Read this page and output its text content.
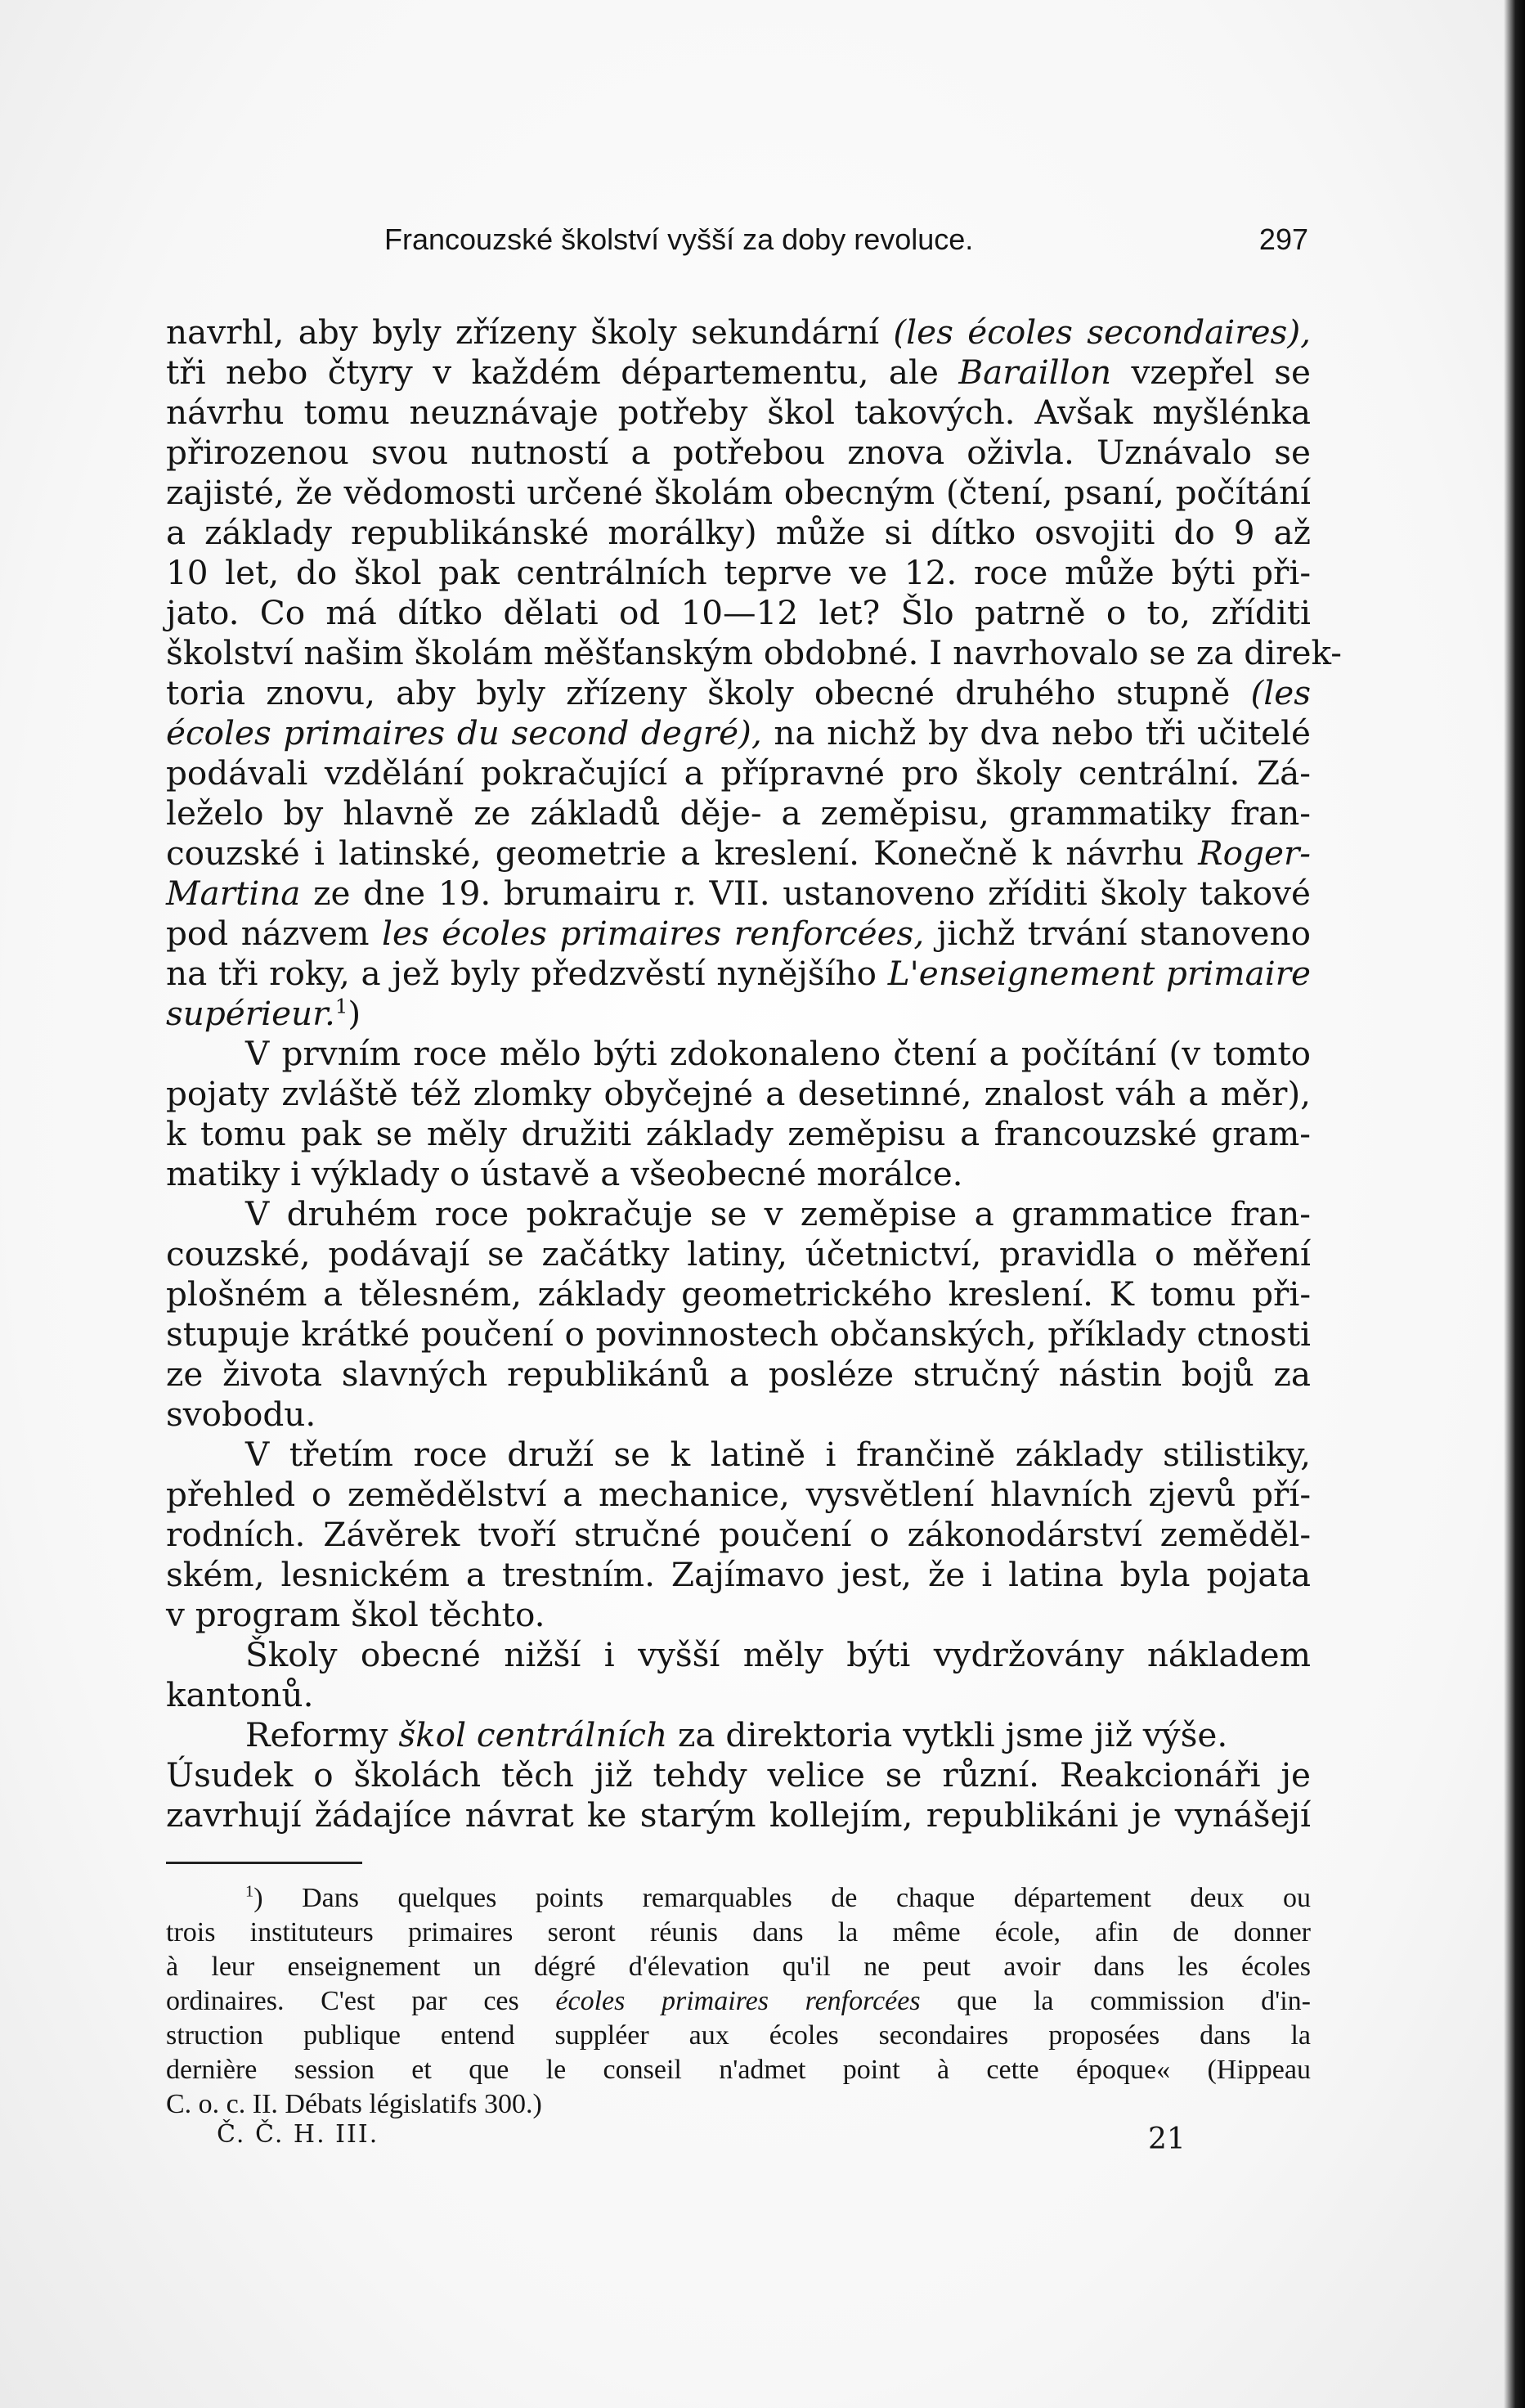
Francouzské školství vyšší za doby revoluce.	297
navrhl, aby byly zřízeny školy sekundární (les écoles secondaires),
tři nebo čtyry v každém départementu, ale Baraillon vzepřel se
návrhu tomu neuznávaje potřeby škol takových. Avšak myšlénka
přirozenou svou nutností a potřebou znova oživla. Uznávalo se
zajisté, že vědomosti určené školám obecným (čtení, psaní, počítání
a základy republikánské morálky) může si dítko osvojiti do 9 až
10 let, do škol pak centrálních teprve ve 12. roce může býti při-
jato. Co má dítko dělati od 10—12 let? Šlo patrně o to, zříditi
školství našim školám měšťanským obdobné. I navrhovalo se za direk-
toria znovu, aby byly zřízeny školy obecné druhého stupně (les
écoles primaires du second degré), na nichž by dva nebo tři učitelé
podávali vzdělání pokračující a přípravné pro školy centrální. Zá-
leželo by hlavně ze základů děje- a zeměpisu, grammatiky fran-
couzské i latinské, geometrie a kreslení. Konečně k návrhu Roger-
Martina ze dne 19. brumairu r. VII. ustanoveno zříditi školy takové
pod názvem les écoles primaires renforcées, jichž trvání stanoveno
na tři roky, a jež byly předzvěstí nynějšího L'enseignement primaire
supérieur.$^1$)
V prvním roce mělo býti zdokonaleno čtení a počítání (v tomto
pojaty zvláště též zlomky obyčejné a desetinné, znalost váh a měr),
k tomu pak se měly družiti základy zeměpisu a francouzské gram-
matiky i výklady o ústavě a všeobecné morálce.
V druhém roce pokračuje se v zeměpise a grammatice fran-
couzské, podávají se začátky latiny, účetnictví, pravidla o měření
plošném a tělesném, základy geometrického kreslení. K tomu při-
stupuje krátké poučení o povinnostech občanských, příklady ctnosti
ze života slavných republikánů a posléze stručný nástin bojů za
svobodu.
V třetím roce druží se k latině i frančině základy stilistiky,
přehled o zemědělství a mechanice, vysvětlení hlavních zjevů pří-
rodních. Závěrek tvoří stručné poučení o zákonodárství zeměděl-
ském, lesnickém a trestním. Zajímavo jest, že i latina byla pojata
v program škol těchto.
Školy obecné nižší i vyšší měly býti vydržovány nákladem
kantonů.
Reformy škol centrálních za direktoria vytkli jsme již výše.
Úsudek o školách těch již tehdy velice se různí. Reakcionáři je
zavrhují žádajíce návrat ke starým kollejím, republikáni je vynášejí
$^1$) Dans quelques points remarquables de chaque département deux ou
trois instituteurs primaires seront réunis dans la même école, afin de donner
à leur enseignement un dégré d'élevation qu'il ne peut avoir dans les écoles
ordinaires. C'est par ces écoles primaires renforcées que la commission d'in-
struction publique entend suppléer aux écoles secondaires proposées dans la
dernière session et que le conseil n'admet point à cette époque« (Hippeau
C. o. c. II. Débats législatifs 300.)
Č. Č. H. III.	21
